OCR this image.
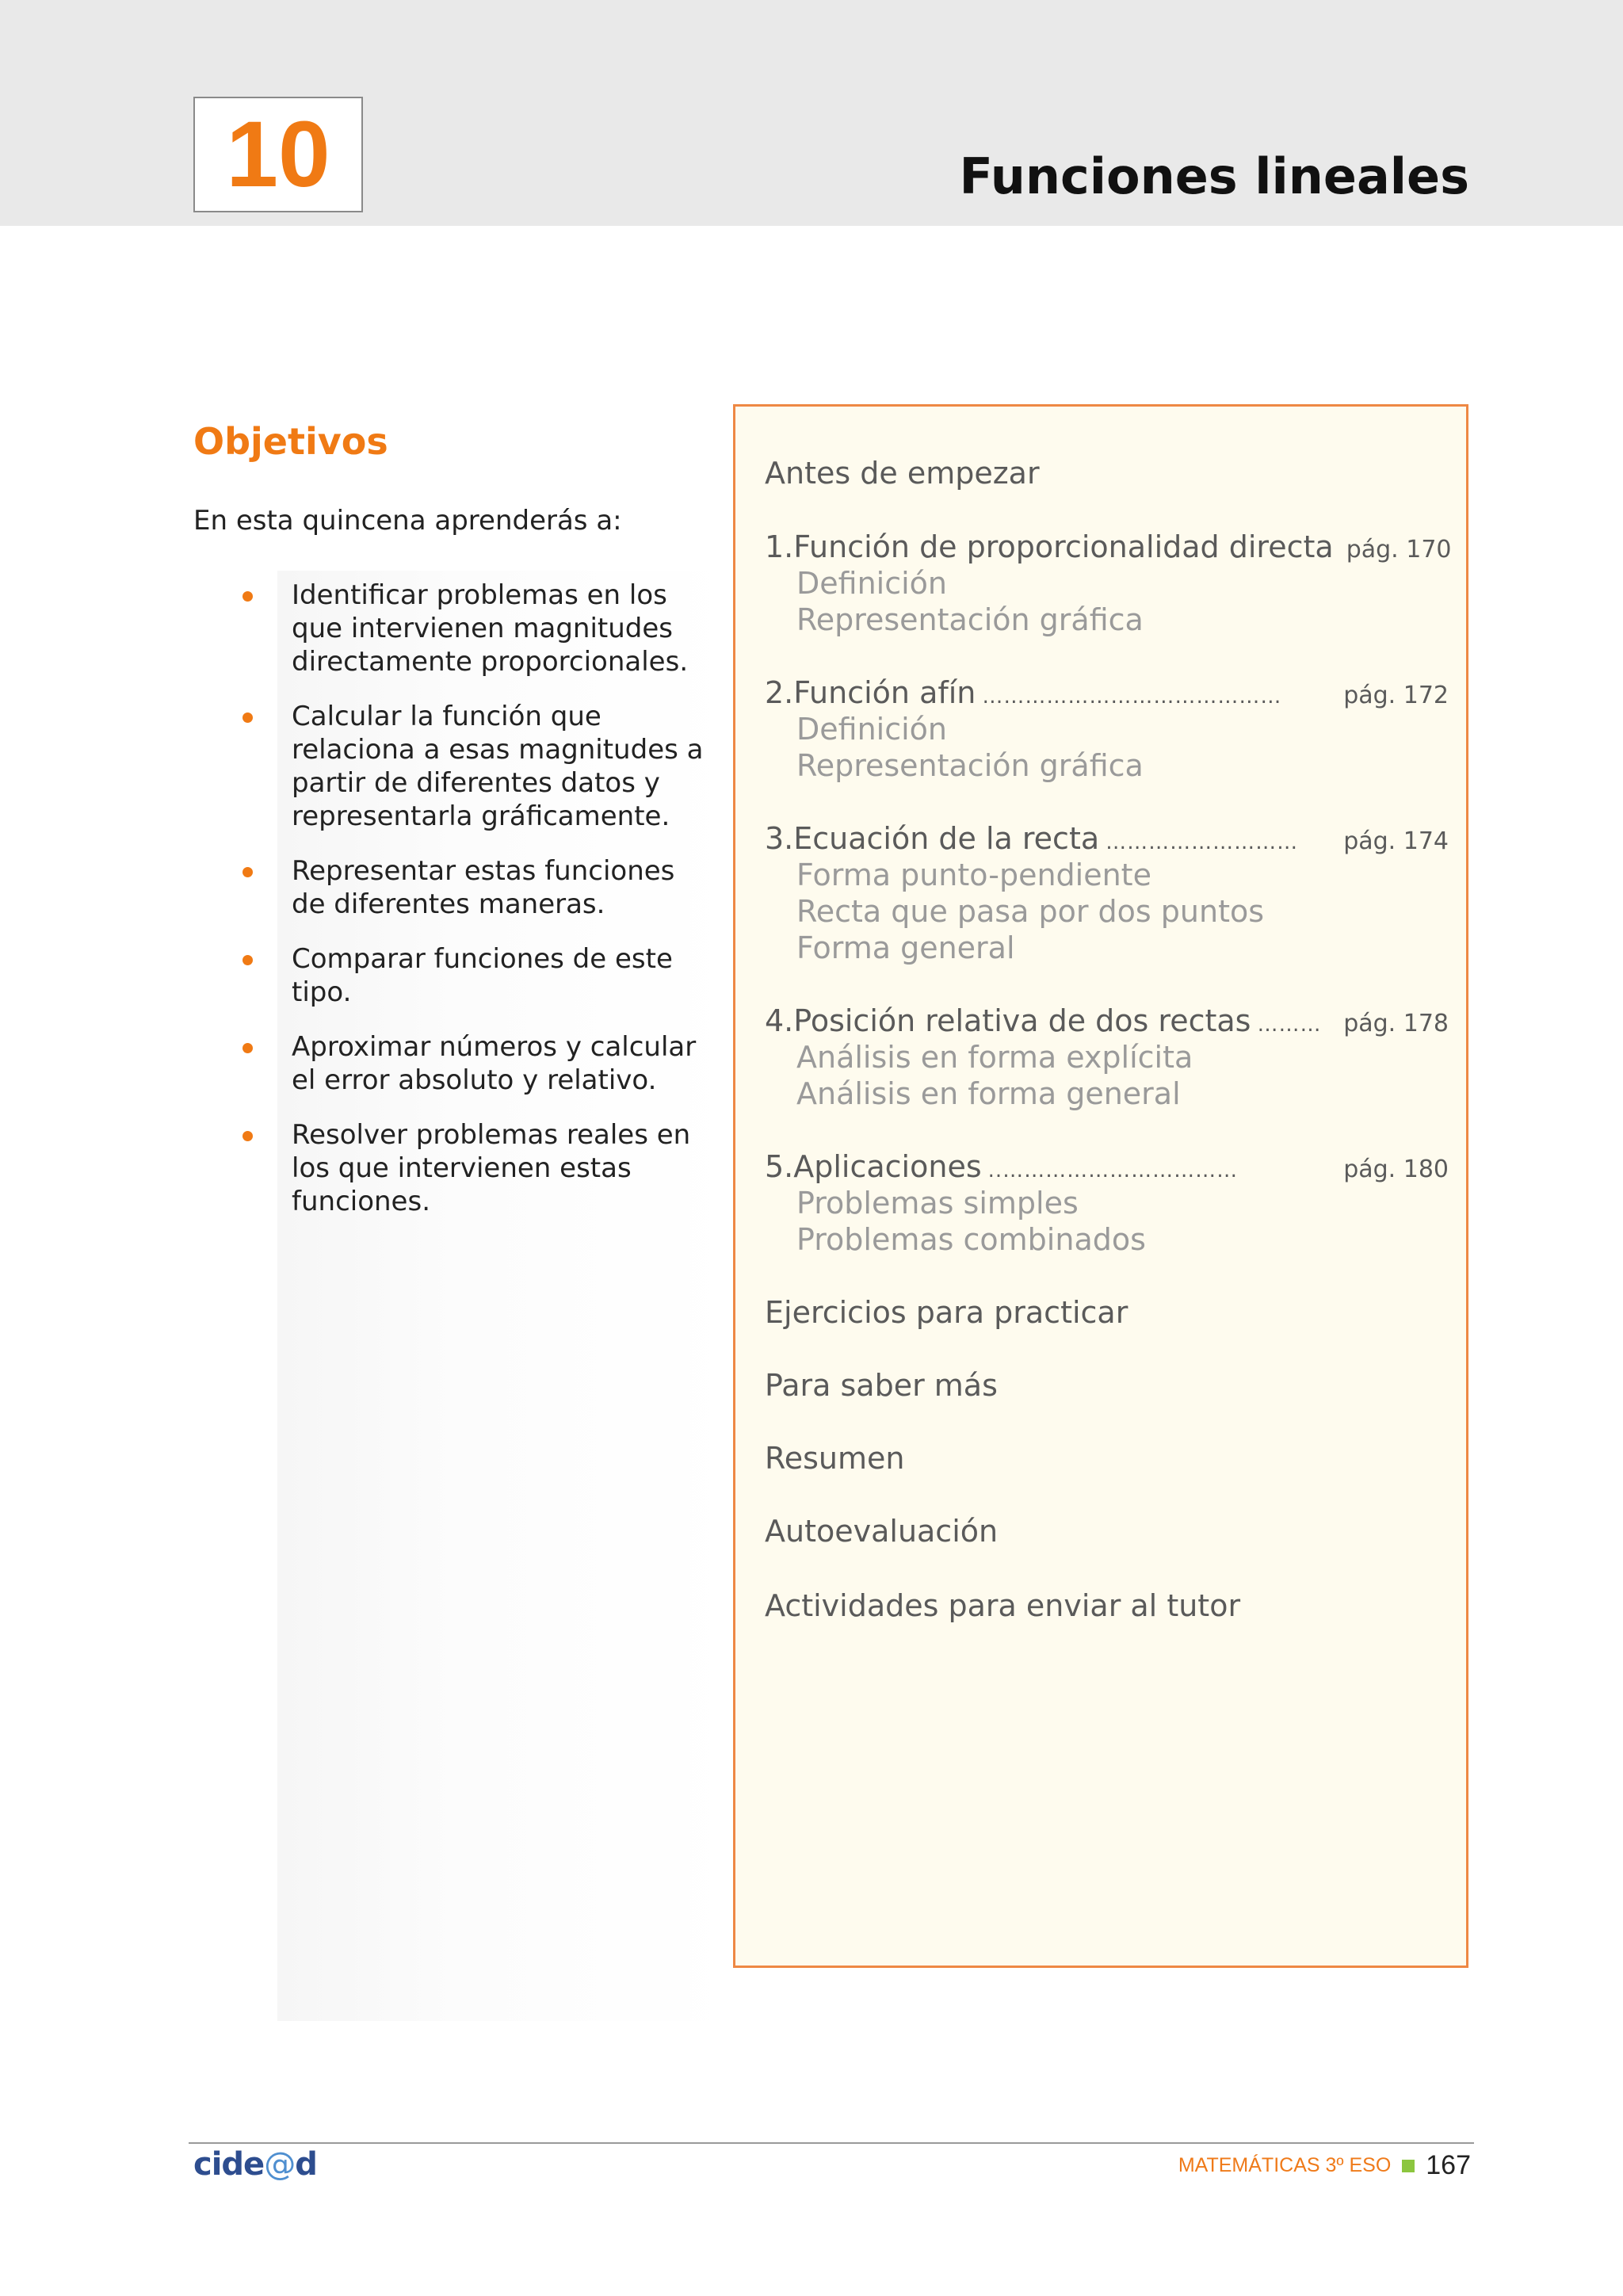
10	Funciones lineales
Objetivos
En esta quincena aprenderás a:
Identificar problemas en los
que intervienen magnitudes
directamente proporcionales.
Calcular la función que
relaciona a esas magnitudes a
partir de diferentes datos y
representarla gráficamente.
Representar estas funciones
de diferentes maneras.
Comparar funciones de este
tipo.
Aproximar números y calcular
el error absoluto y relativo.
Resolver problemas reales en
los que intervienen estas
funciones.
Antes de empezar
1.Función de proporcionalidad directa pág. 170
Definición
Representación gráfica
2.Función afín ……………………………………	pág. 172
Definición
Representación gráfica
3.Ecuación de la recta ………………………	pág. 174
Forma punto-pendiente
Recta que pasa por dos puntos
Forma general
4.Posición relativa de dos rectas ……… pág. 178
Análisis en forma explícita
Análisis en forma general
5.Aplicaciones ..……………………………	pág. 180
Problemas simples
Problemas combinados
Ejercicios para practicar
Para saber más
Resumen
Autoevaluación
Actividades para enviar al tutor
cide@d	MATEMÁTICAS 3º ESO 167
